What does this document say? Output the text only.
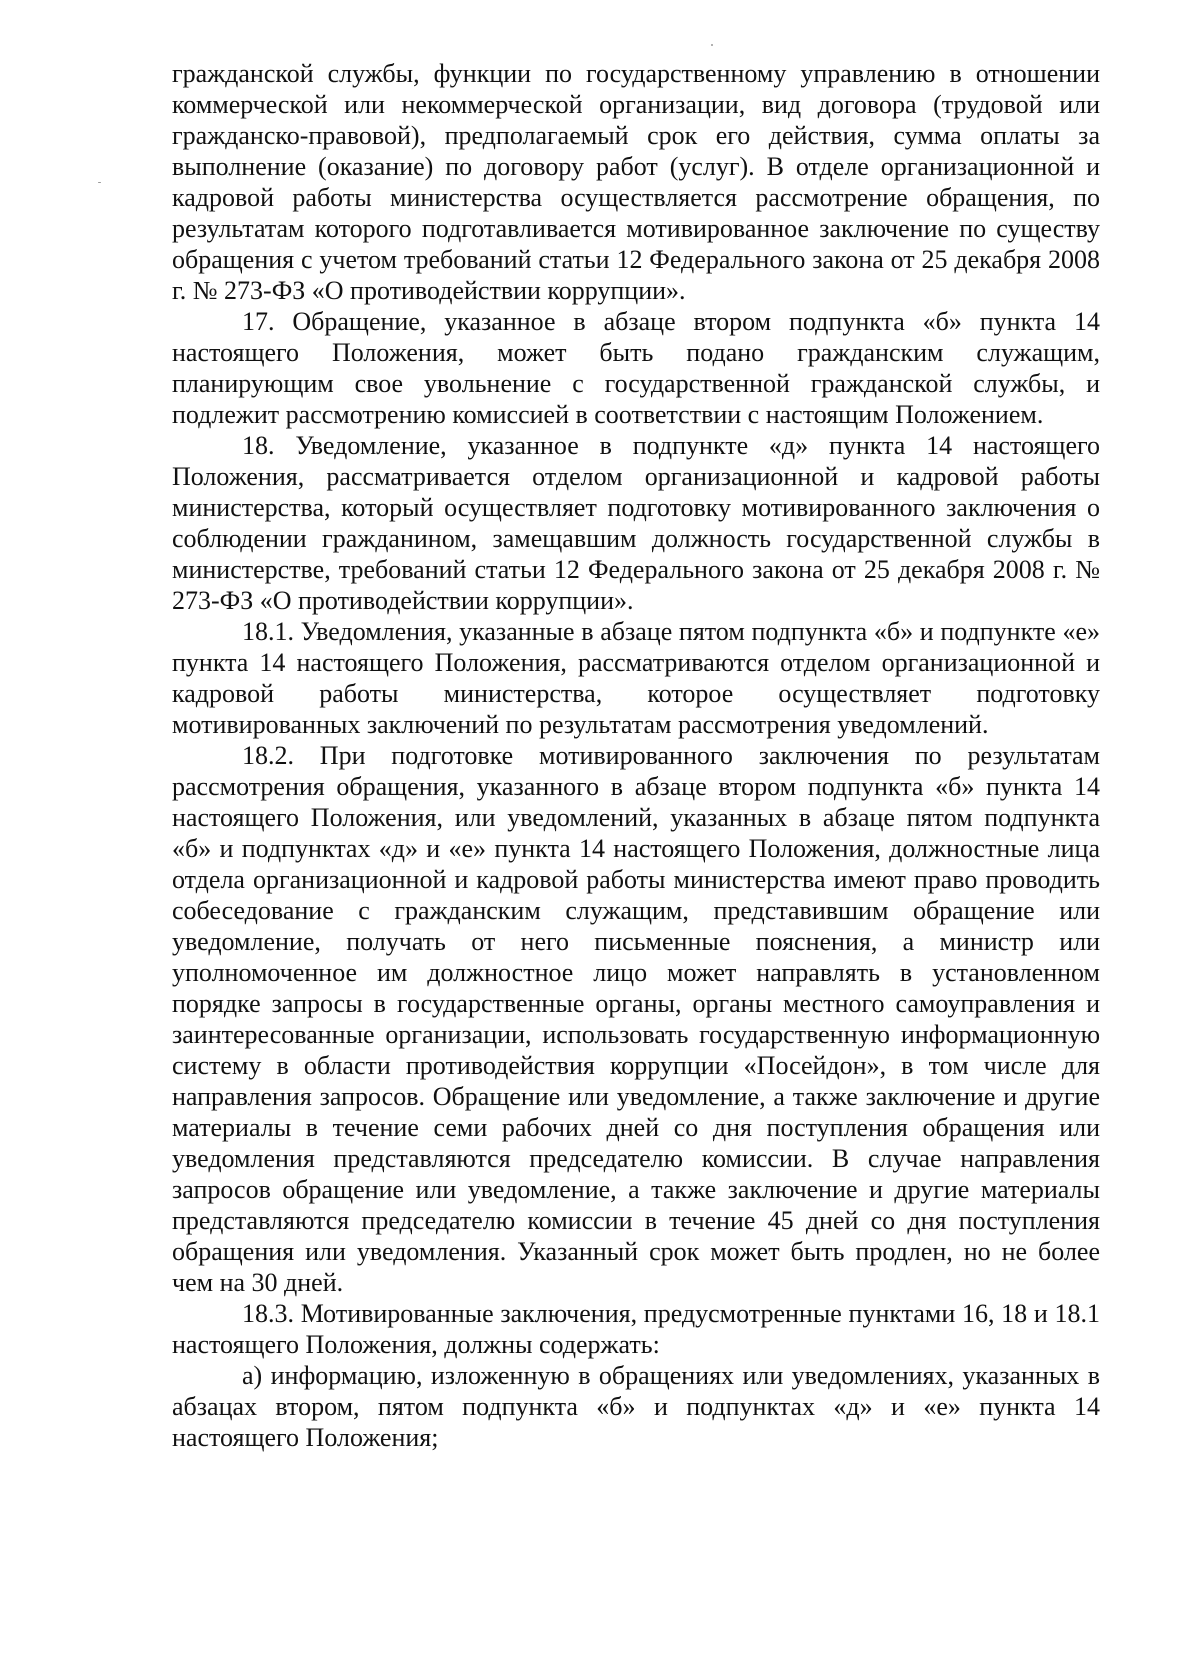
гражданской службы, функции по государственному управлению в отношении коммерческой или некоммерческой организации, вид договора (трудовой или гражданско-правовой), предполагаемый срок его действия, сумма оплаты за выполнение (оказание) по договору работ (услуг). В отделе организационной и кадровой работы министерства осуществляется рассмотрение обращения, по результатам которого подготавливается мотивированное заключение по существу обращения с учетом требований статьи 12 Федерального закона от 25 декабря 2008 г. № 273-ФЗ «О противодействии коррупции».

17. Обращение, указанное в абзаце втором подпункта «б» пункта 14 настоящего Положения, может быть подано гражданским служащим, планирующим свое увольнение с государственной гражданской службы, и подлежит рассмотрению комиссией в соответствии с настоящим Положением.

18. Уведомление, указанное в подпункте «д» пункта 14 настоящего Положения, рассматривается отделом организационной и кадровой работы министерства, который осуществляет подготовку мотивированного заключения о соблюдении гражданином, замещавшим должность государственной службы в министерстве, требований статьи 12 Федерального закона от 25 декабря 2008 г. № 273-ФЗ «О противодействии коррупции».

18.1. Уведомления, указанные в абзаце пятом подпункта «б» и подпункте «е» пункта 14 настоящего Положения, рассматриваются отделом организационной и кадровой работы министерства, которое осуществляет подготовку мотивированных заключений по результатам рассмотрения уведомлений.

18.2. При подготовке мотивированного заключения по результатам рассмотрения обращения, указанного в абзаце втором подпункта «б» пункта 14 настоящего Положения, или уведомлений, указанных в абзаце пятом подпункта «б» и подпунктах «д» и «е» пункта 14 настоящего Положения, должностные лица отдела организационной и кадровой работы министерства имеют право проводить собеседование с гражданским служащим, представившим обращение или уведомление, получать от него письменные пояснения, а министр или уполномоченное им должностное лицо может направлять в установленном порядке запросы в государственные органы, органы местного самоуправления и заинтересованные организации, использовать государственную информационную систему в области противодействия коррупции «Посейдон», в том числе для направления запросов. Обращение или уведомление, а также заключение и другие материалы в течение семи рабочих дней со дня поступления обращения или уведомления представляются председателю комиссии. В случае направления запросов обращение или уведомление, а также заключение и другие материалы представляются председателю комиссии в течение 45 дней со дня поступления обращения или уведомления. Указанный срок может быть продлен, но не более чем на 30 дней.

18.3. Мотивированные заключения, предусмотренные пунктами 16, 18 и 18.1 настоящего Положения, должны содержать:

а) информацию, изложенную в обращениях или уведомлениях, указанных в абзацах втором, пятом подпункта «б» и подпунктах «д» и «е» пункта 14 настоящего Положения;
